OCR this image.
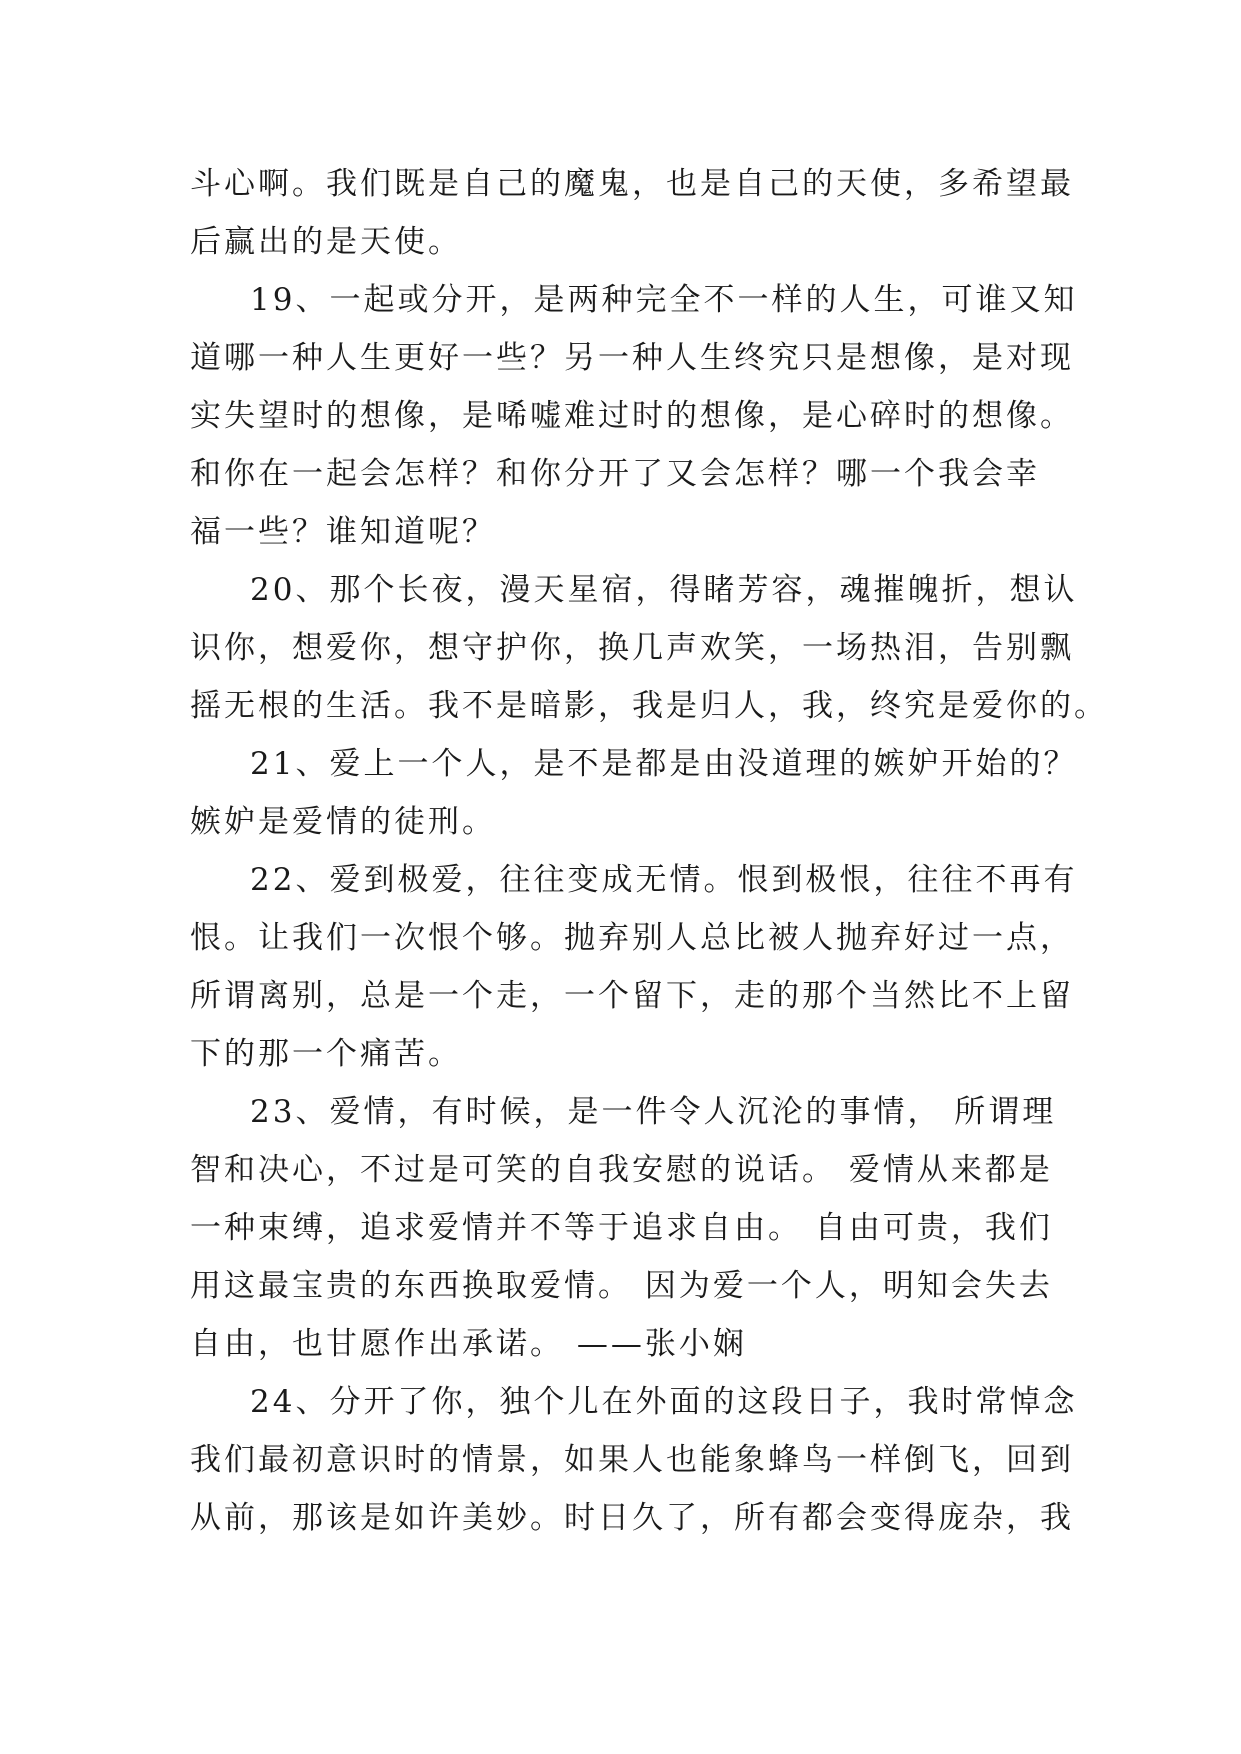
斗心啊。我们既是自己的魔鬼，也是自己的天使，多希望最

后赢出的是天使。

19、一起或分开，是两种完全不一样的人生，可谁又知

道哪一种人生更好一些？另一种人生终究只是想像，是对现

实失望时的想像，是唏嘘难过时的想像，是心碎时的想像。

和你在一起会怎样？和你分开了又会怎样？哪一个我会幸

福一些？谁知道呢？

20、那个长夜，漫天星宿，得睹芳容，魂摧魄折，想认

识你，想爱你，想守护你，换几声欢笑，一场热泪，告别飘

摇无根的生活。我不是暗影，我是归人，我，终究是爱你的。

21、爱上一个人，是不是都是由没道理的嫉妒开始的？

嫉妒是爱情的徒刑。

22、爱到极爱，往往变成无情。恨到极恨，往往不再有

恨。让我们一次恨个够。抛弃别人总比被人抛弃好过一点，

所谓离别，总是一个走，一个留下，走的那个当然比不上留

下的那一个痛苦。

23、爱情，有时候，是一件令人沉沦的事情， 所谓理

智和决心，不过是可笑的自我安慰的说话。 爱情从来都是

一种束缚，追求爱情并不等于追求自由。 自由可贵，我们

用这最宝贵的东西换取爱情。 因为爱一个人，明知会失去

自由，也甘愿作出承诺。 ——张小娴

24、分开了你，独个儿在外面的这段日子，我时常悼念

我们最初意识时的情景，如果人也能象蜂鸟一样倒飞，回到

从前，那该是如许美妙。时日久了，所有都会变得庞杂，我
